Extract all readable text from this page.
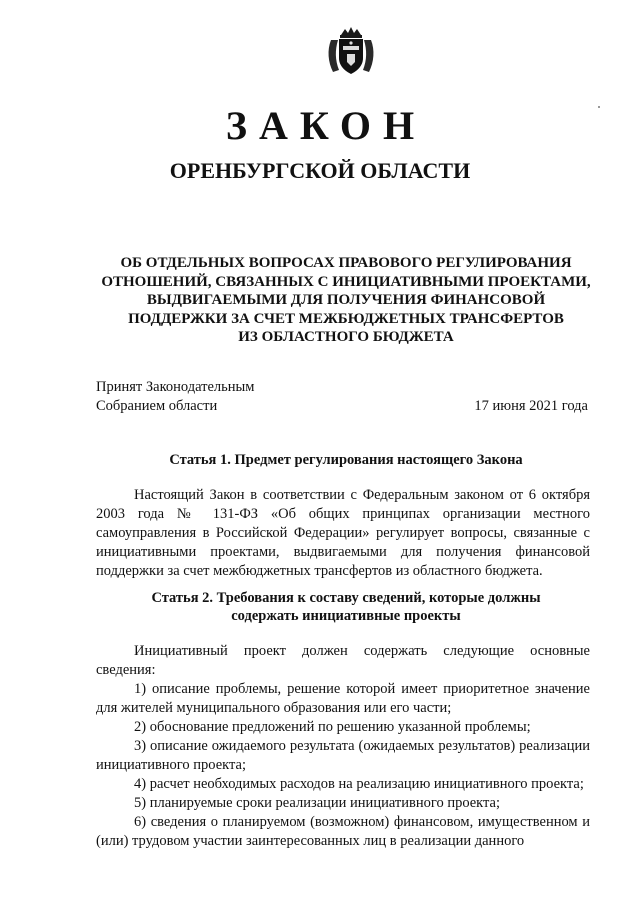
ЗАКОН
ОРЕНБУРГСКОЙ ОБЛАСТИ
ОБ ОТДЕЛЬНЫХ ВОПРОСАХ ПРАВОВОГО РЕГУЛИРОВАНИЯ
ОТНОШЕНИЙ, СВЯЗАННЫХ С ИНИЦИАТИВНЫМИ ПРОЕКТАМИ,
ВЫДВИГАЕМЫМИ ДЛЯ ПОЛУЧЕНИЯ ФИНАНСОВОЙ
ПОДДЕРЖКИ ЗА СЧЕТ МЕЖБЮДЖЕТНЫХ ТРАНСФЕРТОВ
ИЗ ОБЛАСТНОГО БЮДЖЕТА
Принят Законодательным
Собранием области	17 июня 2021 года
Статья 1. Предмет регулирования настоящего Закона
Настоящий Закон в соответствии с Федеральным законом от 6 октября 2003 года № 131-ФЗ «Об общих принципах организации местного самоуправления в Российской Федерации» регулирует вопросы, связанные с инициативными проектами, выдвигаемыми для получения финансовой поддержки за счет межбюджетных трансфертов из областного бюджета.
Статья 2. Требования к составу сведений, которые должны
содержать инициативные проекты

Инициативный проект должен содержать следующие основные сведения:

1) описание проблемы, решение которой имеет приоритетное значение для жителей муниципального образования или его части;

2) обоснование предложений по решению указанной проблемы;

3) описание ожидаемого результата (ожидаемых результатов) реализации инициативного проекта;

4) расчет необходимых расходов на реализацию инициативного проекта;

5) планируемые сроки реализации инициативного проекта;

6) сведения о планируемом (возможном) финансовом, имущественном и (или) трудовом участии заинтересованных лиц в реализации данного
